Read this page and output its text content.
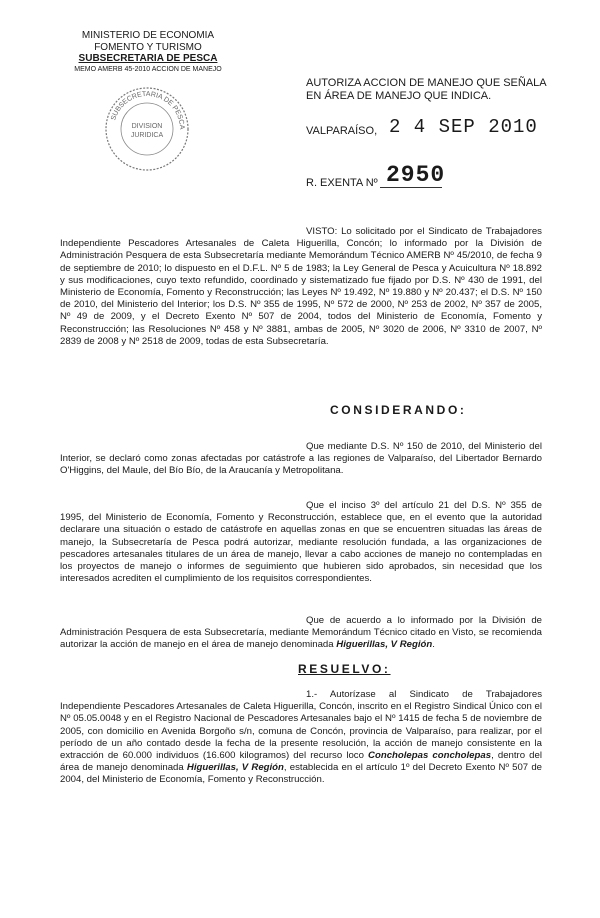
MINISTERIO DE ECONOMIA
FOMENTO Y TURISMO
SUBSECRETARIA DE PESCA
MEMO AMERB 45-2010 ACCION DE MANEJO
SUBSECRETARIA DE PESCA
DIVISION
JURIDICA
AUTORIZA ACCION DE MANEJO QUE SEÑALA
EN ÁREA DE MANEJO QUE INDICA.
VALPARAÍSO, 2 4 SEP 2010
R. EXENTA Nº 2950
VISTO: Lo solicitado por el Sindicato de Trabajadores Independiente Pescadores Artesanales de Caleta Higuerilla, Concón; lo informado por la División de Administración Pesquera de esta Subsecretaría mediante Memorándum Técnico AMERB Nº 45/2010, de fecha 9 de septiembre de 2010; lo dispuesto en el D.F.L. Nº 5 de 1983; la Ley General de Pesca y Acuicultura Nº 18.892 y sus modificaciones, cuyo texto refundido, coordinado y sistematizado fue fijado por D.S. Nº 430 de 1991, del Ministerio de Economía, Fomento y Reconstrucción; las Leyes Nº 19.492, Nº 19.880 y Nº 20.437; el D.S. Nº 150 de 2010, del Ministerio del Interior; los D.S. Nº 355 de 1995, Nº 572 de 2000, Nº 253 de 2002, Nº 357 de 2005, Nº 49 de 2009, y el Decreto Exento Nº 507 de 2004, todos del Ministerio de Economía, Fomento y Reconstrucción; las Resoluciones Nº 458 y Nº 3881, ambas de 2005, Nº 3020 de 2006, Nº 3310 de 2007, Nº 2839 de 2008 y Nº 2518 de 2009, todas de esta Subsecretaría.
CONSIDERANDO:
Que mediante D.S. Nº 150 de 2010, del Ministerio del Interior, se declaró como zonas afectadas por catástrofe a las regiones de Valparaíso, del Libertador Bernardo O'Higgins, del Maule, del Bío Bío, de la Araucanía y Metropolitana.
Que el inciso 3º del artículo 21 del D.S. Nº 355 de 1995, del Ministerio de Economía, Fomento y Reconstrucción, establece que, en el evento que la autoridad declarare una situación o estado de catástrofe en aquellas zonas en que se encuentren situadas las áreas de manejo, la Subsecretaría de Pesca podrá autorizar, mediante resolución fundada, a las organizaciones de pescadores artesanales titulares de un área de manejo, llevar a cabo acciones de manejo no contempladas en los proyectos de manejo o informes de seguimiento que hubieren sido aprobados, sin necesidad que los interesados acrediten el cumplimiento de los requisitos correspondientes.
Que de acuerdo a lo informado por la División de Administración Pesquera de esta Subsecretaría, mediante Memorándum Técnico citado en Visto, se recomienda autorizar la acción de manejo en el área de manejo denominada Higuerillas, V Región.
RESUELVO:
1.- Autorízase al Sindicato de Trabajadores Independiente Pescadores Artesanales de Caleta Higuerilla, Concón, inscrito en el Registro Sindical Único con el Nº 05.05.0048 y en el Registro Nacional de Pescadores Artesanales bajo el Nº 1415 de fecha 5 de noviembre de 2005, con domicilio en Avenida Borgoño s/n, comuna de Concón, provincia de Valparaíso, para realizar, por el período de un año contado desde la fecha de la presente resolución, la acción de manejo consistente en la extracción de 60.000 individuos (16.600 kilogramos) del recurso loco Concholepas concholepas, dentro del área de manejo denominada Higuerillas, V Región, establecida en el artículo 1º del Decreto Exento Nº 507 de 2004, del Ministerio de Economía, Fomento y Reconstrucción.
